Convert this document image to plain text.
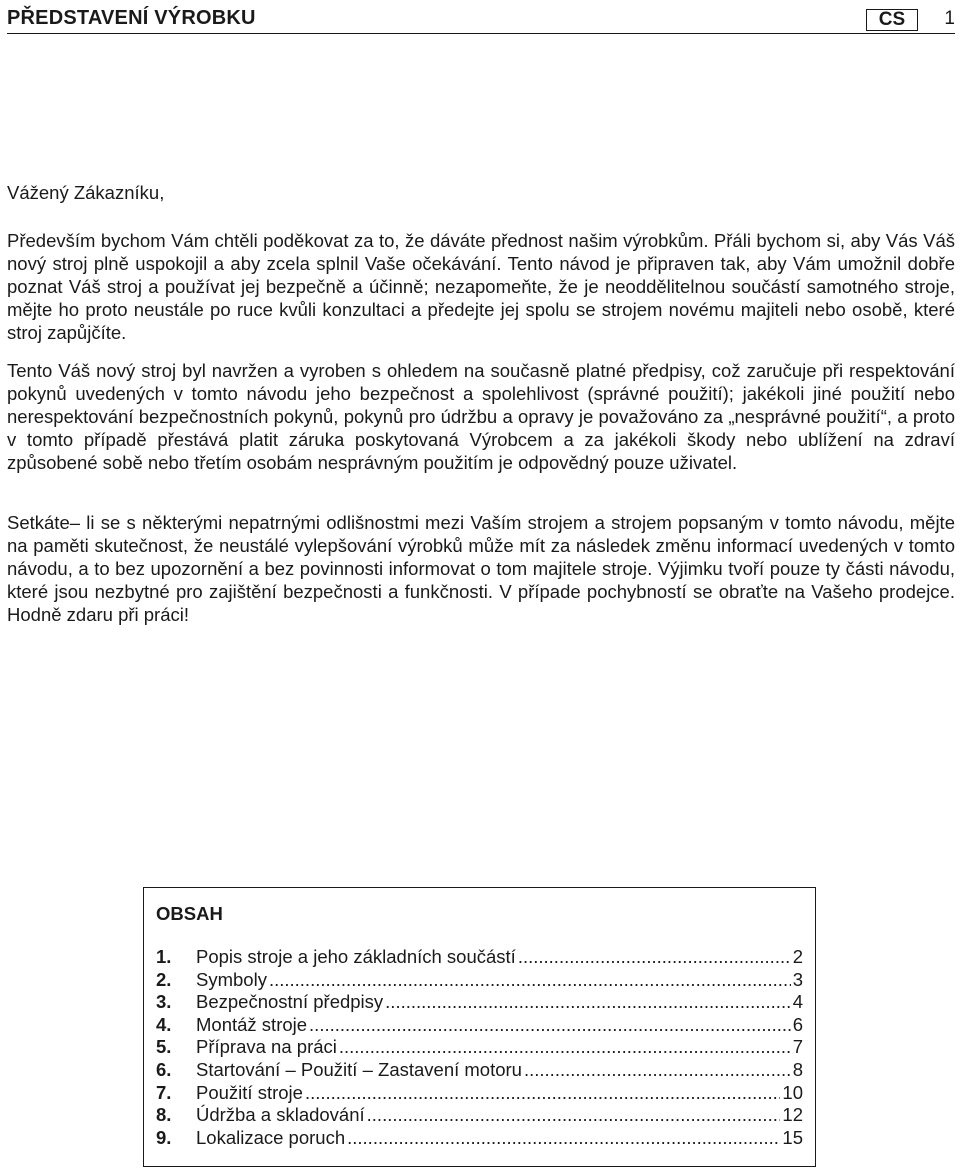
PŘEDSTAVENÍ VÝROBKU	CS	1
Vážený Zákazníku,

Především bychom Vám chtěli poděkovat za to, že dáváte přednost našim výrobkům. Přáli bychom si, aby Vás Váš nový stroj plně uspokojil a aby zcela splnil Vaše očekávání. Tento návod je připraven tak, aby Vám umožnil dobře poznat Váš stroj a používat jej bezpečně a účinně; nezapomeňte, že je neoddělitelnou součástí samotného stroje, mějte ho proto neustále po ruce kvůli konzultaci a předejte jej spolu se strojem novému majiteli nebo osobě, které stroj zapůjčíte.

Tento Váš nový stroj byl navržen a vyroben s ohledem na současně platné předpisy, což zaručuje při respektování pokynů uvedených v tomto návodu jeho bezpečnost a spolehlivost (správné použití); jakékoli jiné použití nebo nerespektování bezpečnostních pokynů, pokynů pro údržbu a opravy je považováno za „nesprávné použití“, a proto v tomto případě přestává platit záruka poskytovaná Výrobcem a za jakékoli škody nebo ublížení na zdraví způsobené sobě nebo třetím osobám nesprávným použitím je odpovědný pouze uživatel.

Setkáte– li se s některými nepatrnými odlišnostmi mezi Vaším strojem a strojem popsaným v tomto návodu, mějte na paměti skutečnost, že neustálé vylepšování výrobků může mít za následek změnu informací uvedených v tomto návodu, a to bez upozornění a bez povinnosti informovat o tom majitele stroje. Výjimku tvoří pouze ty části návodu, které jsou nezbytné pro zajištění bezpečnosti a funkčnosti. V případe pochybností se obraťte na Vašeho prodejce. Hodně zdaru při práci!

OBSAH
1.	Popis stroje a jeho základních součástí .....	2
2.	Symboly .....	3
3.	Bezpečnostní předpisy .....	4
4.	Montáž stroje .....	6
5.	Příprava na práci .....	7
6.	Startování – Použití – Zastavení motoru .....	8
7.	Použití stroje .....	10
8.	Údržba a skladování .....	12
9.	Lokalizace poruch .....	15
